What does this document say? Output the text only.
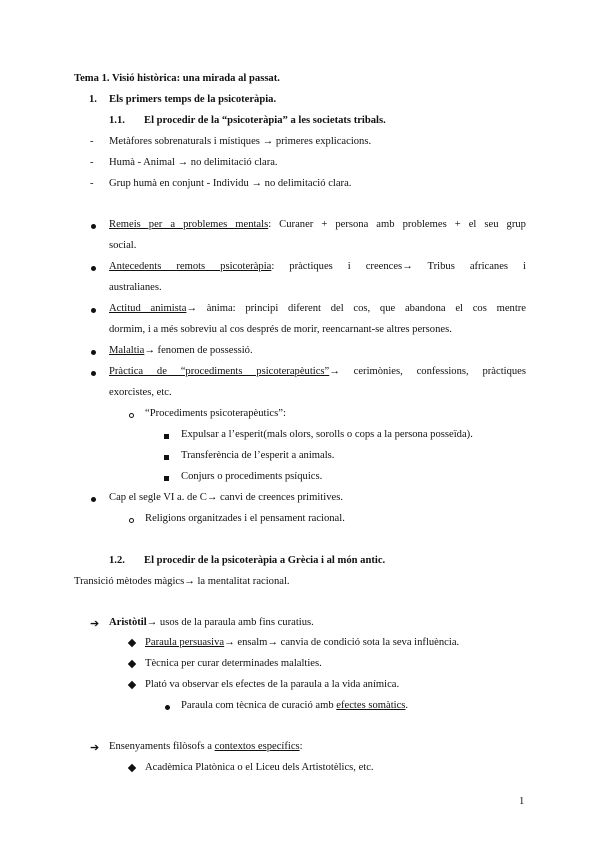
Tema 1. Visió històrica: una mirada al passat.
1. Els primers temps de la psicoteràpia.
1.1. El procedir de la “psicoteràpia” a les societats tribals.
- Metàfores sobrenaturals i místiques → primeres explicacions.
- Humà - Animal → no delimitació clara.
- Grup humà en conjunt - Individu → no delimitació clara.
Remeis per a problemes mentals: Curaner + persona amb problemes + el seu grup
social.
Antecedents remots psicoteràpia: pràctiques i creences→ Tribus africanes i
australianes.
Actitud animista→ ànima: principi diferent del cos, que abandona el cos mentre
dormim, i a més sobreviu al cos després de morir, reencarnant-se altres persones.
Malaltia→ fenomen de possessió.
Pràctica de “procediments psicoterapèutics”→ cerimònies, confessions, pràctiques
exorcistes, etc.
“Procediments psicoterapèutics”:
Expulsar a l’esperit(mals olors, sorolls o cops a la persona posseïda).
Transferència de l’esperit a animals.
Conjurs o procediments psíquics.
Cap el segle VI a. de C→ canvi de creences primitives.
Religions organitzades i el pensament racional.
1.2. El procedir de la psicoteràpia a Grècia i al món antic.
Transició mètodes màgics→ la mentalitat racional.
➔ Aristòtil→ usos de la paraula amb fins curatius.
Paraula persuasiva→ ensalm→ canvia de condició sota la seva influència.
Tècnica per curar determinades malalties.
Plató va observar els efectes de la paraula a la vida anímica.
Paraula com tècnica de curació amb efectes somàtics.
➔ Ensenyaments filòsofs a contextos específics:
Acadèmica Platònica o el Liceu dels Artistotèlics, etc.
1
